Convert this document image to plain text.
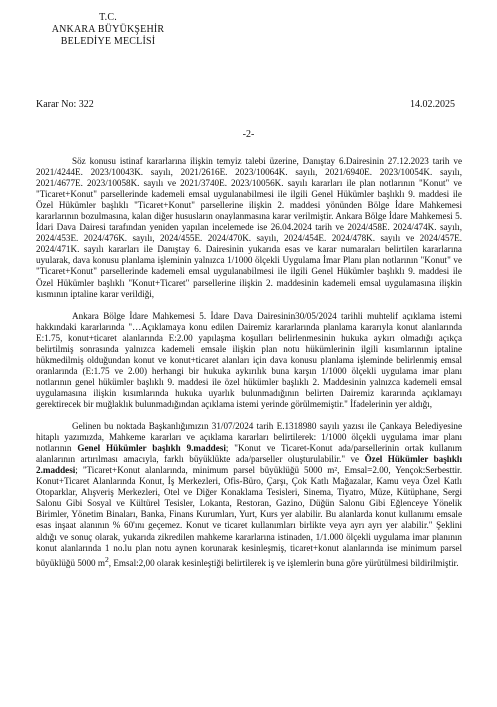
T.C.
ANKARA BÜYÜKŞEHİR
BELEDİYE MECLİSİ
Karar No: 322	14.02.2025
-2-

Söz konusu istinaf kararlarına ilişkin temyiz talebi üzerine, Danıştay 6.Dairesinin 27.12.2023 tarih ve 2021/4244E. 2023/10043K. sayılı, 2021/2616E. 2023/10064K. sayılı, 2021/6940E. 2023/10054K. sayılı, 2021/4677E. 2023/10058K. sayılı ve 2021/3740E. 2023/10056K. sayılı kararları ile plan notlarının "Konut" ve "Ticaret+Konut" parsellerinde kademeli emsal uygulanabilmesi ile ilgili Genel Hükümler başlıklı 9. maddesi ile Özel Hükümler başlıklı "Ticaret+Konut" parsellerine ilişkin 2. maddesi yönünden Bölge İdare Mahkemesi kararlarının bozulmasına, kalan diğer hususların onaylanmasına karar verilmiştir. Ankara Bölge İdare Mahkemesi 5. İdari Dava Dairesi tarafından yeniden yapılan incelemede ise 26.04.2024 tarih ve 2024/458E. 2024/474K. sayılı, 2024/453E. 2024/476K. sayılı, 2024/455E. 2024/470K. sayılı, 2024/454E. 2024/478K. sayılı ve 2024/457E. 2024/471K. sayılı kararları ile Danıştay 6. Dairesinin yukarıda esas ve karar numaraları belirtilen kararlarına uyularak, dava konusu planlama işleminin yalnızca 1/1000 ölçekli Uygulama İmar Planı plan notlarının "Konut" ve "Ticaret+Konut" parsellerinde kademeli emsal uygulanabilmesi ile ilgili Genel Hükümler başlıklı 9. maddesi ile Özel Hükümler başlıklı "Konut+Ticaret" parsellerine ilişkin 2. maddesinin kademeli emsal uygulamasına ilişkin kısmının iptaline karar verildiği,

Ankara Bölge İdare Mahkemesi 5. İdare Dava Dairesinin30/05/2024 tarihli muhtelif açıklama istemi hakkındaki kararlarında "…Açıklamaya konu edilen Dairemiz kararlarında planlama kararıyla konut alanlarında E:1.75, konut+ticaret alanlarında E:2.00 yapılaşma koşulları belirlenmesinin hukuka aykırı olmadığı açıkça belirtilmiş sonrasında yalnızca kademeli emsale ilişkin plan notu hükümlerinin ilgili kısımlarının iptaline hükmedilmiş olduğundan konut ve konut+ticaret alanları için dava konusu planlama işleminde belirlenmiş emsal oranlarında (E:1.75 ve 2.00) herhangi bir hukuka aykırılık buna karşın 1/1000 ölçekli uygulama imar planı notlarının genel hükümler başlıklı 9. maddesi ile özel hükümler başlıklı 2. Maddesinin yalnızca kademeli emsal uygulamasına ilişkin kısımlarında hukuka uyarlık bulunmadığının belirten Dairemiz kararında açıklamayı gerektirecek bir muğlaklık bulunmadığından açıklama istemi yerinde görülmemiştir." İfadelerinin yer aldığı,

Gelinen bu noktada Başkanlığımızın 31/07/2024 tarih E.1318980 sayılı yazısı ile Çankaya Belediyesine hitaplı yazımızda, Mahkeme kararları ve açıklama kararları belirtilerek: 1/1000 ölçekli uygulama imar planı notlarının Genel Hükümler başlıklı 9.maddesi; "Konut ve Ticaret-Konut ada/parsellerinin ortak kullanım alanlarının artırılması amacıyla, farklı büyüklükte ada/parseller oluşturulabilir." ve Özel Hükümler başlıklı 2.maddesi; "Ticaret+Konut alanlarında, minimum parsel büyüklüğü 5000 m², Emsal=2.00, Yençok:Serbesttir. Konut+Ticaret Alanlarında Konut, İş Merkezleri, Ofis-Büro, Çarşı, Çok Katlı Mağazalar, Kamu veya Özel Katlı Otoparklar, Alışveriş Merkezleri, Otel ve Diğer Konaklama Tesisleri, Sinema, Tiyatro, Müze, Kütüphane, Sergi Salonu Gibi Sosyal ve Kültürel Tesisler, Lokanta, Restoran, Gazino, Düğün Salonu Gibi Eğlenceye Yönelik Birimler, Yönetim Binaları, Banka, Finans Kurumları, Yurt, Kurs yer alabilir. Bu alanlarda konut kullanımı emsale esas inşaat alanının % 60'ını geçemez. Konut ve ticaret kullanımları birlikte veya ayrı ayrı yer alabilir." Şeklini aldığı ve sonuç olarak, yukarıda zikredilen mahkeme kararlarına istinaden, 1/1.000 ölçekli uygulama imar planının konut alanlarında 1 no.lu plan notu aynen korunarak kesinleşmiş, ticaret+konut alanlarında ise minimum parsel büyüklüğü 5000 $m^2$, Emsal:2,00 olarak kesinleştiği belirtilerek iş ve işlemlerin buna göre yürütülmesi bildirilmiştir.
